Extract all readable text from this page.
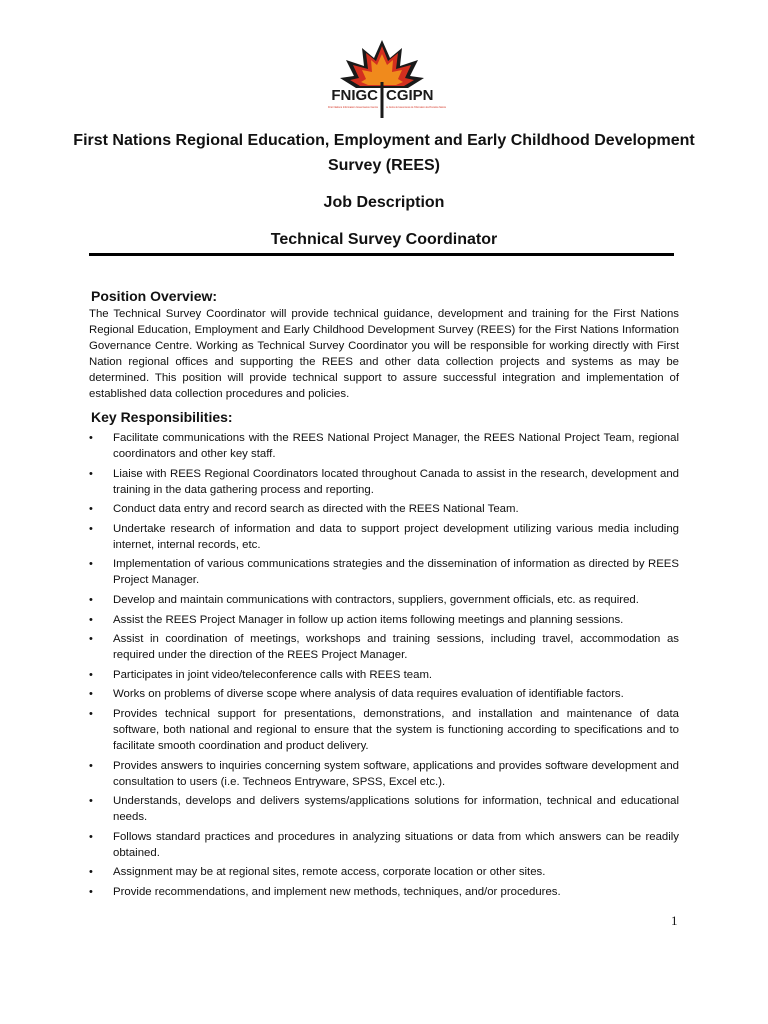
FNIGC CGIPN
First Nations Information Governance Centre Le Centre de Gouvernance de l'Information des Premières Nations

First Nations Regional Education, Employment and Early Childhood Development Survey (REES)

Job Description

Technical Survey Coordinator

Position Overview:

The Technical Survey Coordinator will provide technical guidance, development and training for the First Nations Regional Education, Employment and Early Childhood Development Survey (REES) for the First Nations Information Governance Centre. Working as Technical Survey Coordinator you will be responsible for working directly with First Nation regional offices and supporting the REES and other data collection projects and systems as may be determined. This position will provide technical support to assure successful integration and implementation of established data collection procedures and policies.

Key Responsibilities:
• Facilitate communications with the REES National Project Manager, the REES National Project Team, regional coordinators and other key staff.
• Liaise with REES Regional Coordinators located throughout Canada to assist in the research, development and training in the data gathering process and reporting.
• Conduct data entry and record search as directed with the REES National Team.
• Undertake research of information and data to support project development utilizing various media including internet, internal records, etc.
• Implementation of various communications strategies and the dissemination of information as directed by REES Project Manager.
• Develop and maintain communications with contractors, suppliers, government officials, etc. as required.
• Assist the REES Project Manager in follow up action items following meetings and planning sessions.
• Assist in coordination of meetings, workshops and training sessions, including travel, accommodation as required under the direction of the REES Project Manager.
• Participates in joint video/teleconference calls with REES team.
• Works on problems of diverse scope where analysis of data requires evaluation of identifiable factors.
• Provides technical support for presentations, demonstrations, and installation and maintenance of data software, both national and regional to ensure that the system is functioning according to specifications and to facilitate smooth coordination and product delivery.
• Provides answers to inquiries concerning system software, applications and provides software development and consultation to users (i.e. Techneos Entryware, SPSS, Excel etc.).
• Understands, develops and delivers systems/applications solutions for information, technical and educational needs.
• Follows standard practices and procedures in analyzing situations or data from which answers can be readily obtained.
• Assignment may be at regional sites, remote access, corporate location or other sites.
• Provide recommendations, and implement new methods, techniques, and/or procedures.
1
